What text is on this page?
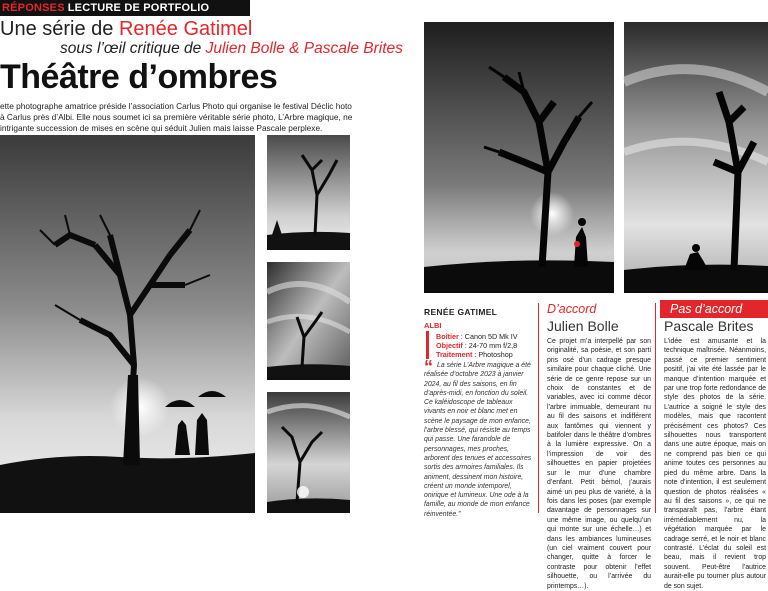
RÉPONSES LECTURE DE PORTFOLIO
Une série de Renée Gatimel
sous l’œil critique de Julien Bolle & Pascale Brites
Théâtre d’ombres
ette photographe amatrice préside l’association Carlus Photo qui organise le festival Déclic hoto à Carlus près d’Albi. Elle nous soumet ici sa première véritable série photo, L’Arbre magique, ne intrigante succession de mises en scène qui séduit Julien mais laisse Pascale perplexe.
RENÉE GATIMEL
ALBI
Boîtier : Canon 5D Mk IV
Objectif : 24-70 mm f/2,8
Traitement : Photoshop
“ La série L’Arbre magique a été réalisée d’octobre 2023 à janvier 2024, au fil des saisons, en fin d’après-midi, en fonction du soleil. Ce kaléidoscope de tableaux vivants en noir et blanc met en scène le paysage de mon enfance, l’arbre blessé, qui résiste au temps qui passe. Une farandole de personnages, mes proches, arborent des tenues et accessoires sortis des armoires familiales. Ils animent, dessinent mon histoire, créent un monde intemporel, onirique et lumineux. Une ode à la famille, au monde de mon enfance réinventée.”
D’accord
Julien Bolle
Ce projet m’a interpellé par son originalité, sa poésie, et son parti pris osé d’un cadrage presque similaire pour chaque cliché. Une série de ce genre repose sur un choix de constantes et de variables, avec ici comme décor l’arbre immuable, demeurant nu au fil des saisons et indifférent aux fantômes qui viennent y batifoler dans le théâtre d’ombres à la lumière expressive. On a l’impression de voir des silhouettes en papier projetées sur le mur d’une chambre d’enfant. Petit bémol, j’aurais aimé un peu plus de variété, à la fois dans les poses (par exemple davantage de personnages sur une même image, ou quelqu’un qui monte sur une échelle…) et dans les ambiances lumineuses (un ciel vraiment couvert pour changer, quitte à forcer le contraste pour obtenir l’effet silhouette, ou l’arrivée du printemps…).
Pas d’accord
Pascale Brites
L’idée est amusante et la technique maîtrisée. Néanmoins, passé ce premier sentiment positif, j’ai vite été lassée par le manque d’intention marquée et par une trop forte redondance de style des photos de la série. L’autrice a soigné le style des modèles, mais que racontent précisément ces photos? Ces silhouettes nous transportent dans une autre époque, mais on ne comprend pas bien ce qui anime toutes ces personnes au pied du même arbre. Dans la note d’intention, il est seulement question de photos réalisées « au fil des saisons », ce qui ne transparaît pas, l’arbre étant irrémédiablement nu, la végétation marquée par le cadrage serré, et le noir et blanc contrasté. L’éclat du soleil est beau, mais il revient trop souvent. Peut-être l’autrice aurait-elle pu tourner plus autour de son sujet.
